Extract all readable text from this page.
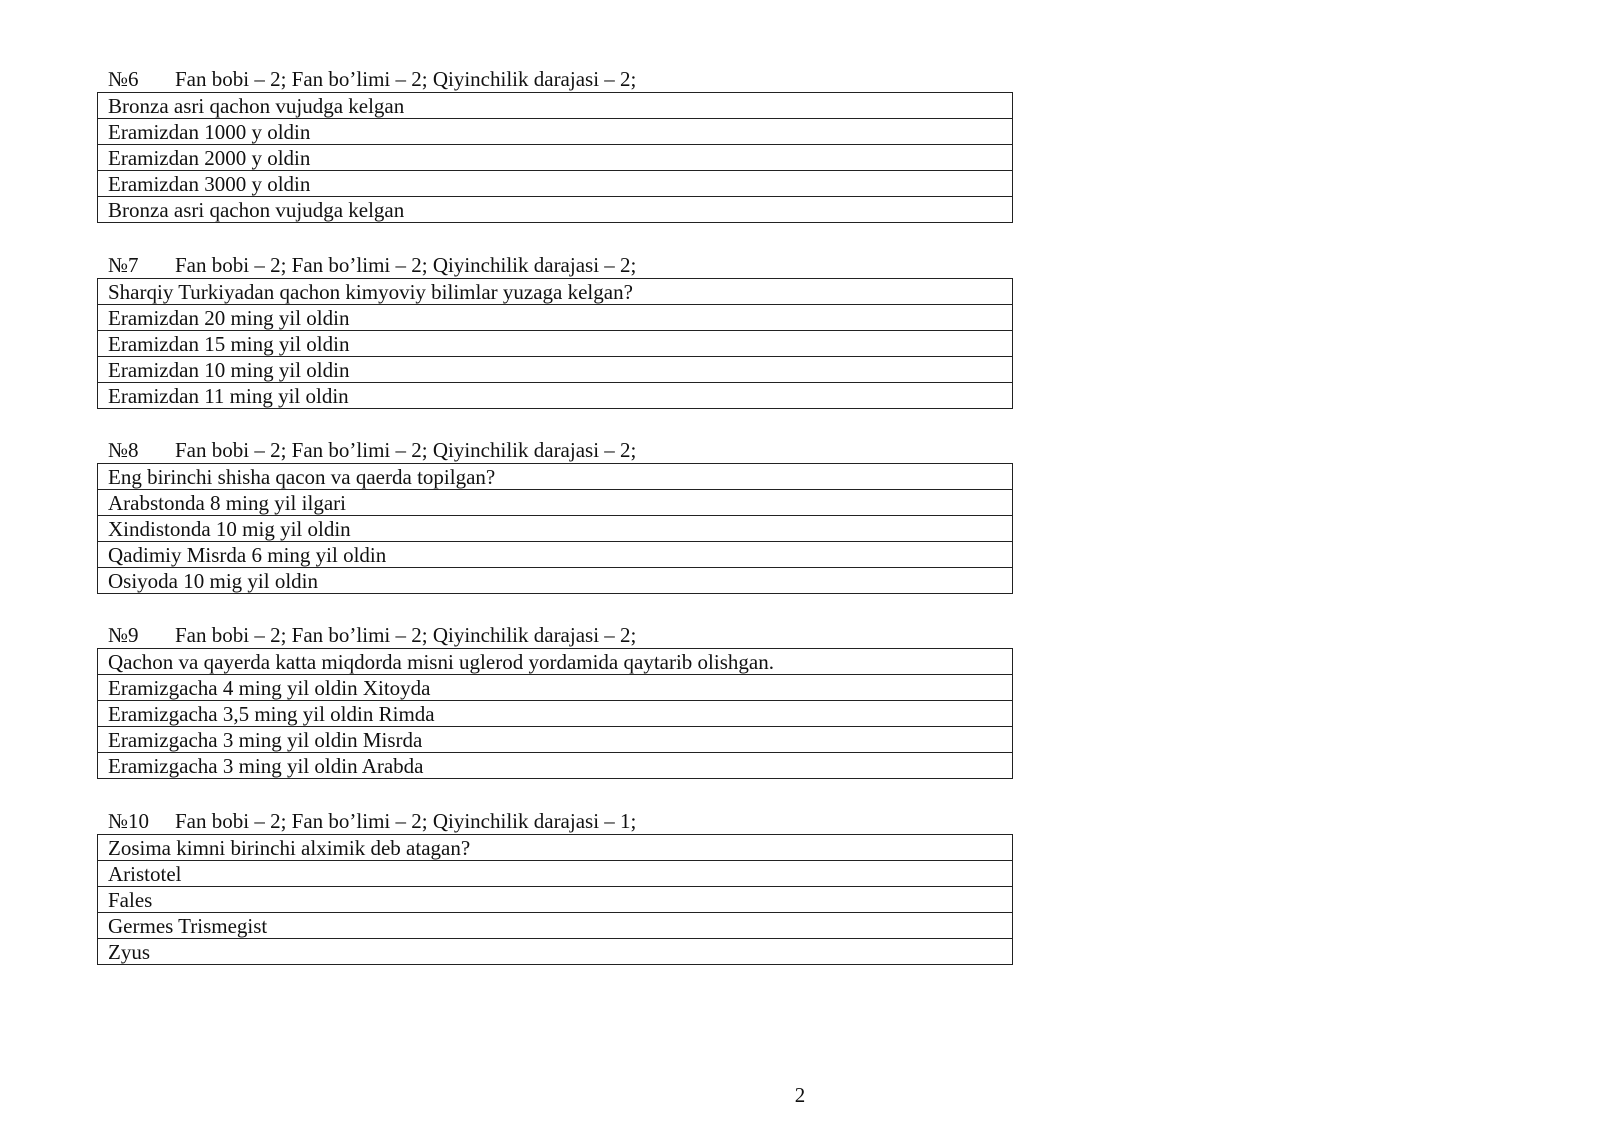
№6 Fan bobi – 2; Fan bo’limi – 2; Qiyinchilik darajasi – 2;
Bronza asri qachon vujudga kelgan
Eramizdan 1000 y oldin
Eramizdan 2000 y oldin
Eramizdan 3000 y oldin
Bronza asri qachon vujudga kelgan
№7 Fan bobi – 2; Fan bo’limi – 2; Qiyinchilik darajasi – 2;
Sharqiy Turkiyadan qachon kimyoviy bilimlar yuzaga kelgan?
Eramizdan 20 ming yil oldin
Eramizdan 15 ming yil oldin
Eramizdan 10 ming yil oldin
Eramizdan 11 ming yil oldin
№8 Fan bobi – 2; Fan bo’limi – 2; Qiyinchilik darajasi – 2;
Eng birinchi shisha qacon va qaerda topilgan?
Arabstonda 8 ming yil ilgari
Xindistonda 10 mig yil oldin
Qadimiy Misrda 6 ming yil oldin
Osiyoda 10 mig yil oldin
№9 Fan bobi – 2; Fan bo’limi – 2; Qiyinchilik darajasi – 2;
Qachon va qayerda katta miqdorda misni uglerod yordamida qaytarib olishgan.
Eramizgacha 4 ming yil oldin Xitoyda
Eramizgacha 3,5 ming yil oldin Rimda
Eramizgacha 3 ming yil oldin Misrda
Eramizgacha 3 ming yil oldin Arabda
№10 Fan bobi – 2; Fan bo’limi – 2; Qiyinchilik darajasi – 1;
Zosima kimni birinchi alximik deb atagan?
Aristotel
Fales
Germes Trismegist
Zyus
2
